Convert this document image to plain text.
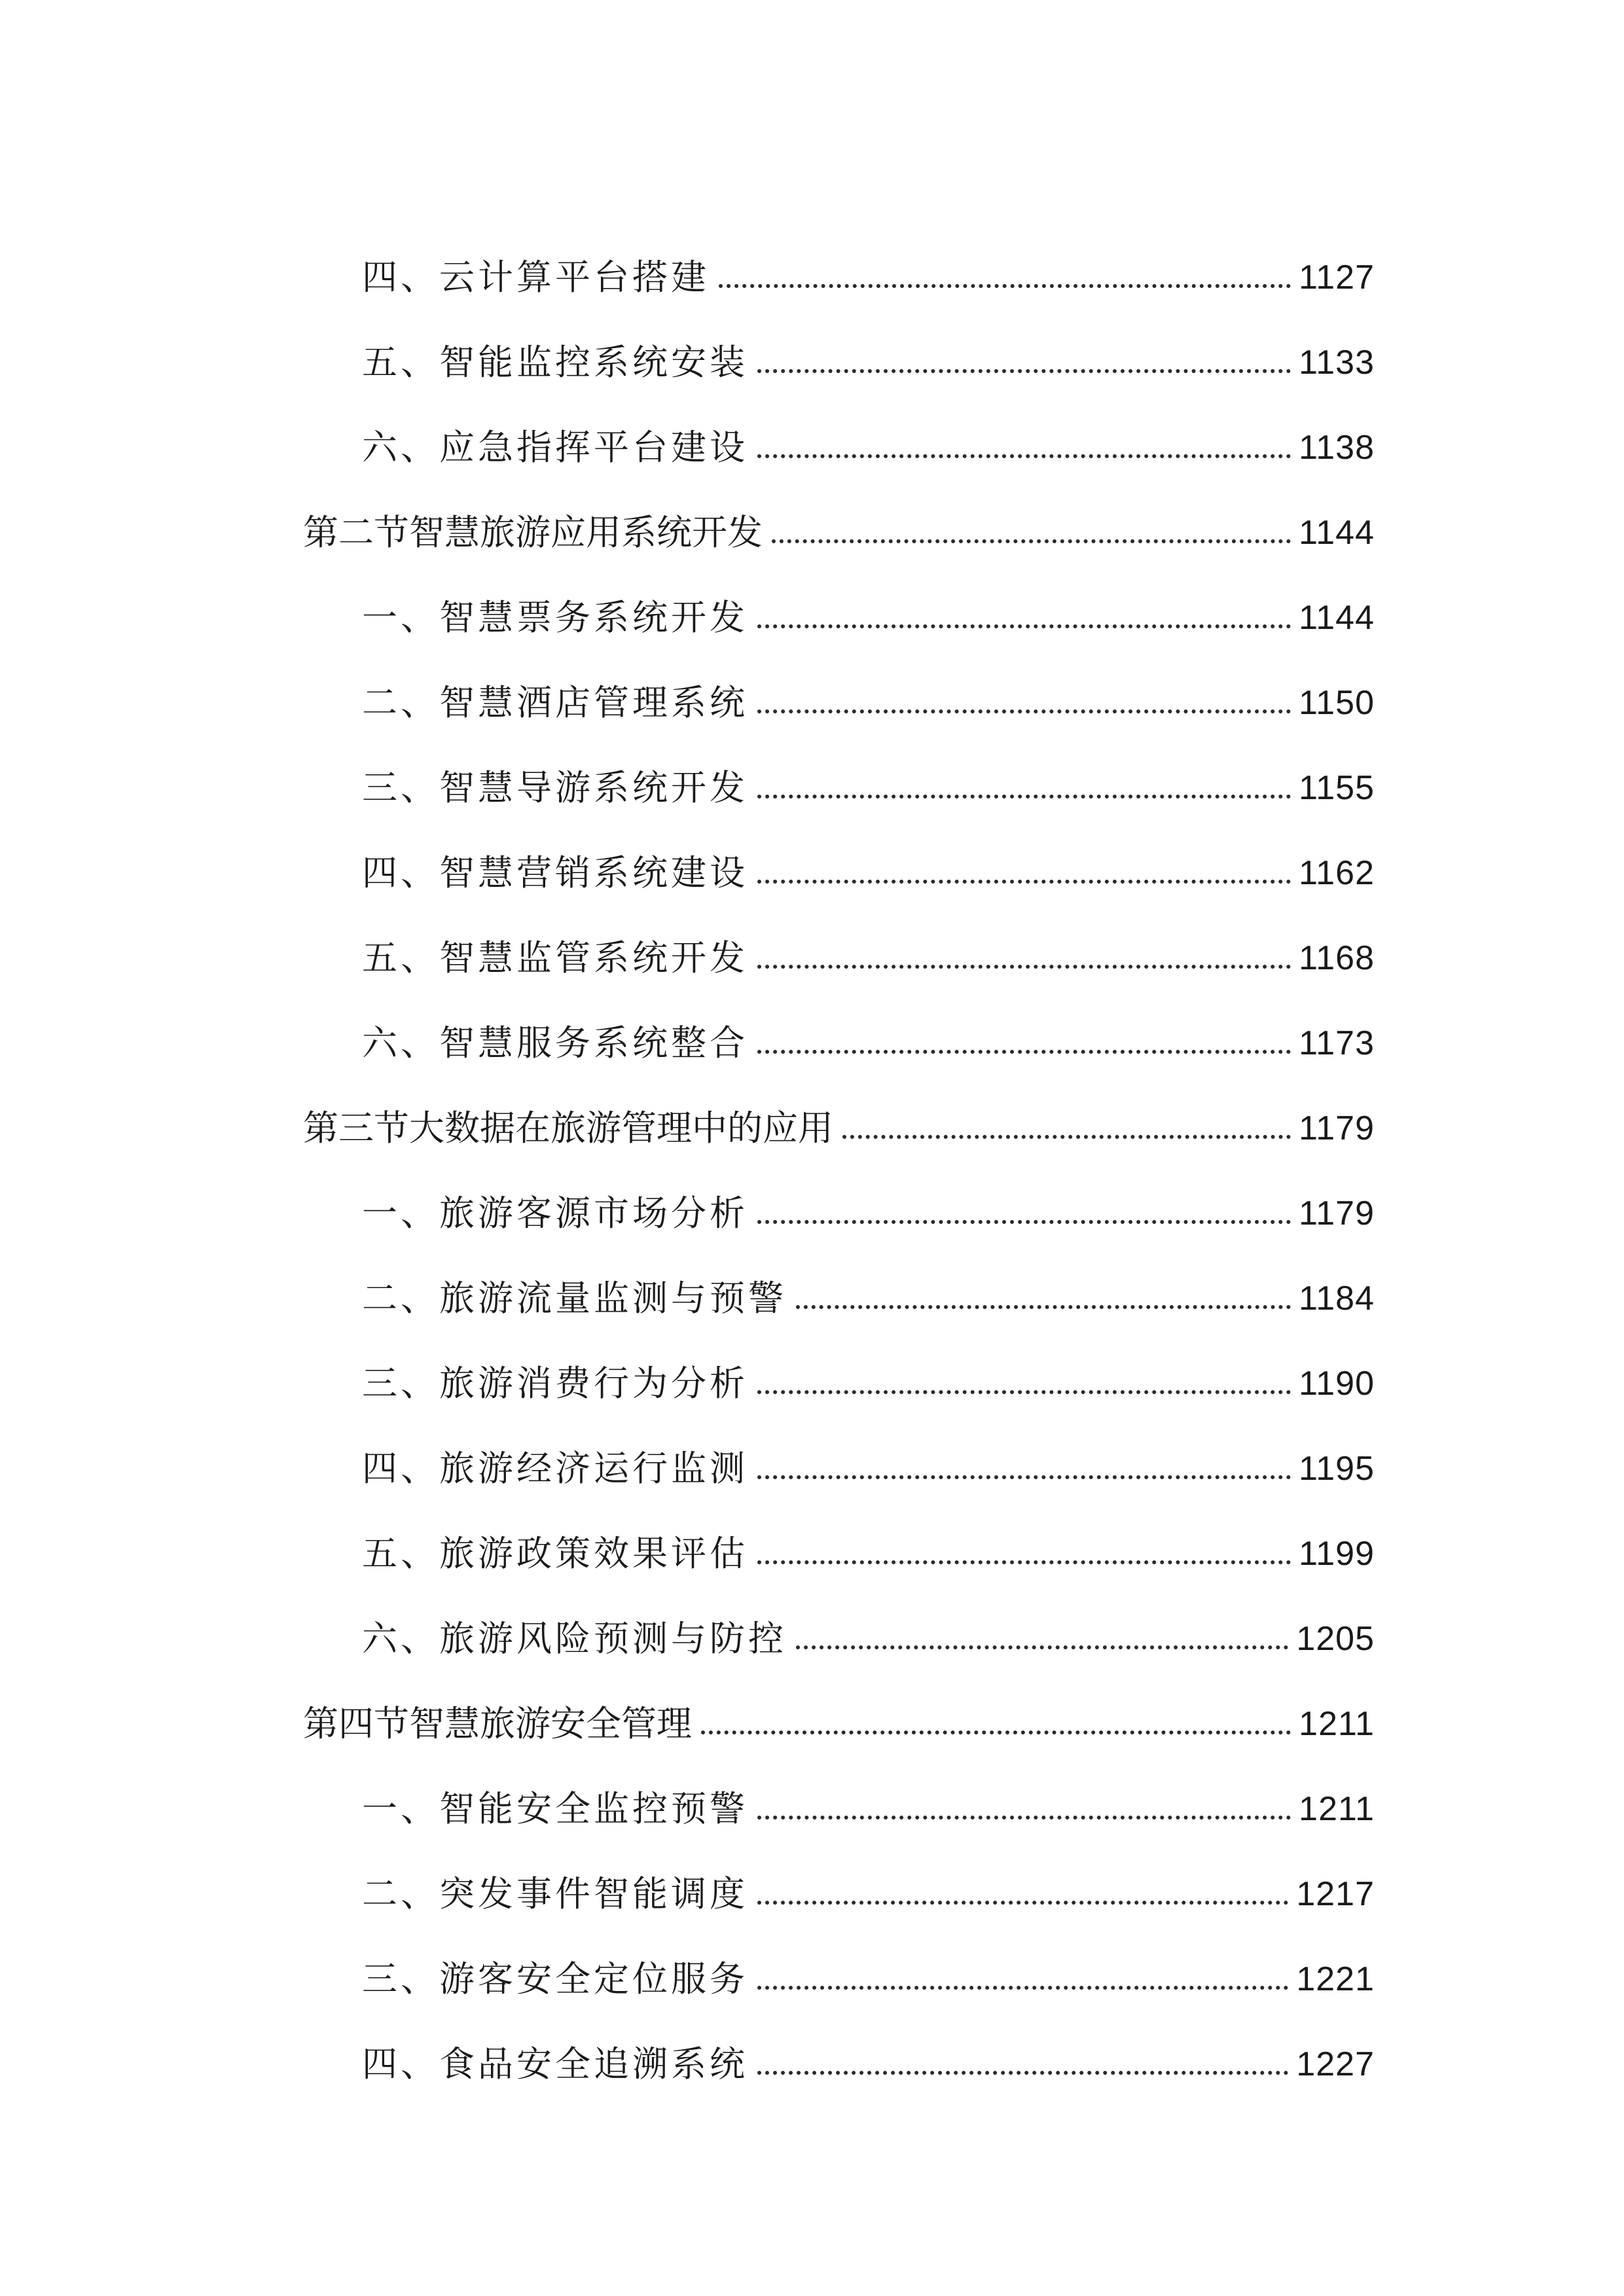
四、云计算平台搭建	1127
五、智能监控系统安装	1133
六、应急指挥平台建设	1138
第二节智慧旅游应用系统开发	1144
一、智慧票务系统开发	1144
二、智慧酒店管理系统	1150
三、智慧导游系统开发	1155
四、智慧营销系统建设	1162
五、智慧监管系统开发	1168
六、智慧服务系统整合	1173
第三节大数据在旅游管理中的应用	1179
一、旅游客源市场分析	1179
二、旅游流量监测与预警	1184
三、旅游消费行为分析	1190
四、旅游经济运行监测	1195
五、旅游政策效果评估	1199
六、旅游风险预测与防控	1205
第四节智慧旅游安全管理	1211
一、智能安全监控预警	1211
二、突发事件智能调度	1217
三、游客安全定位服务	1221
四、食品安全追溯系统	1227
